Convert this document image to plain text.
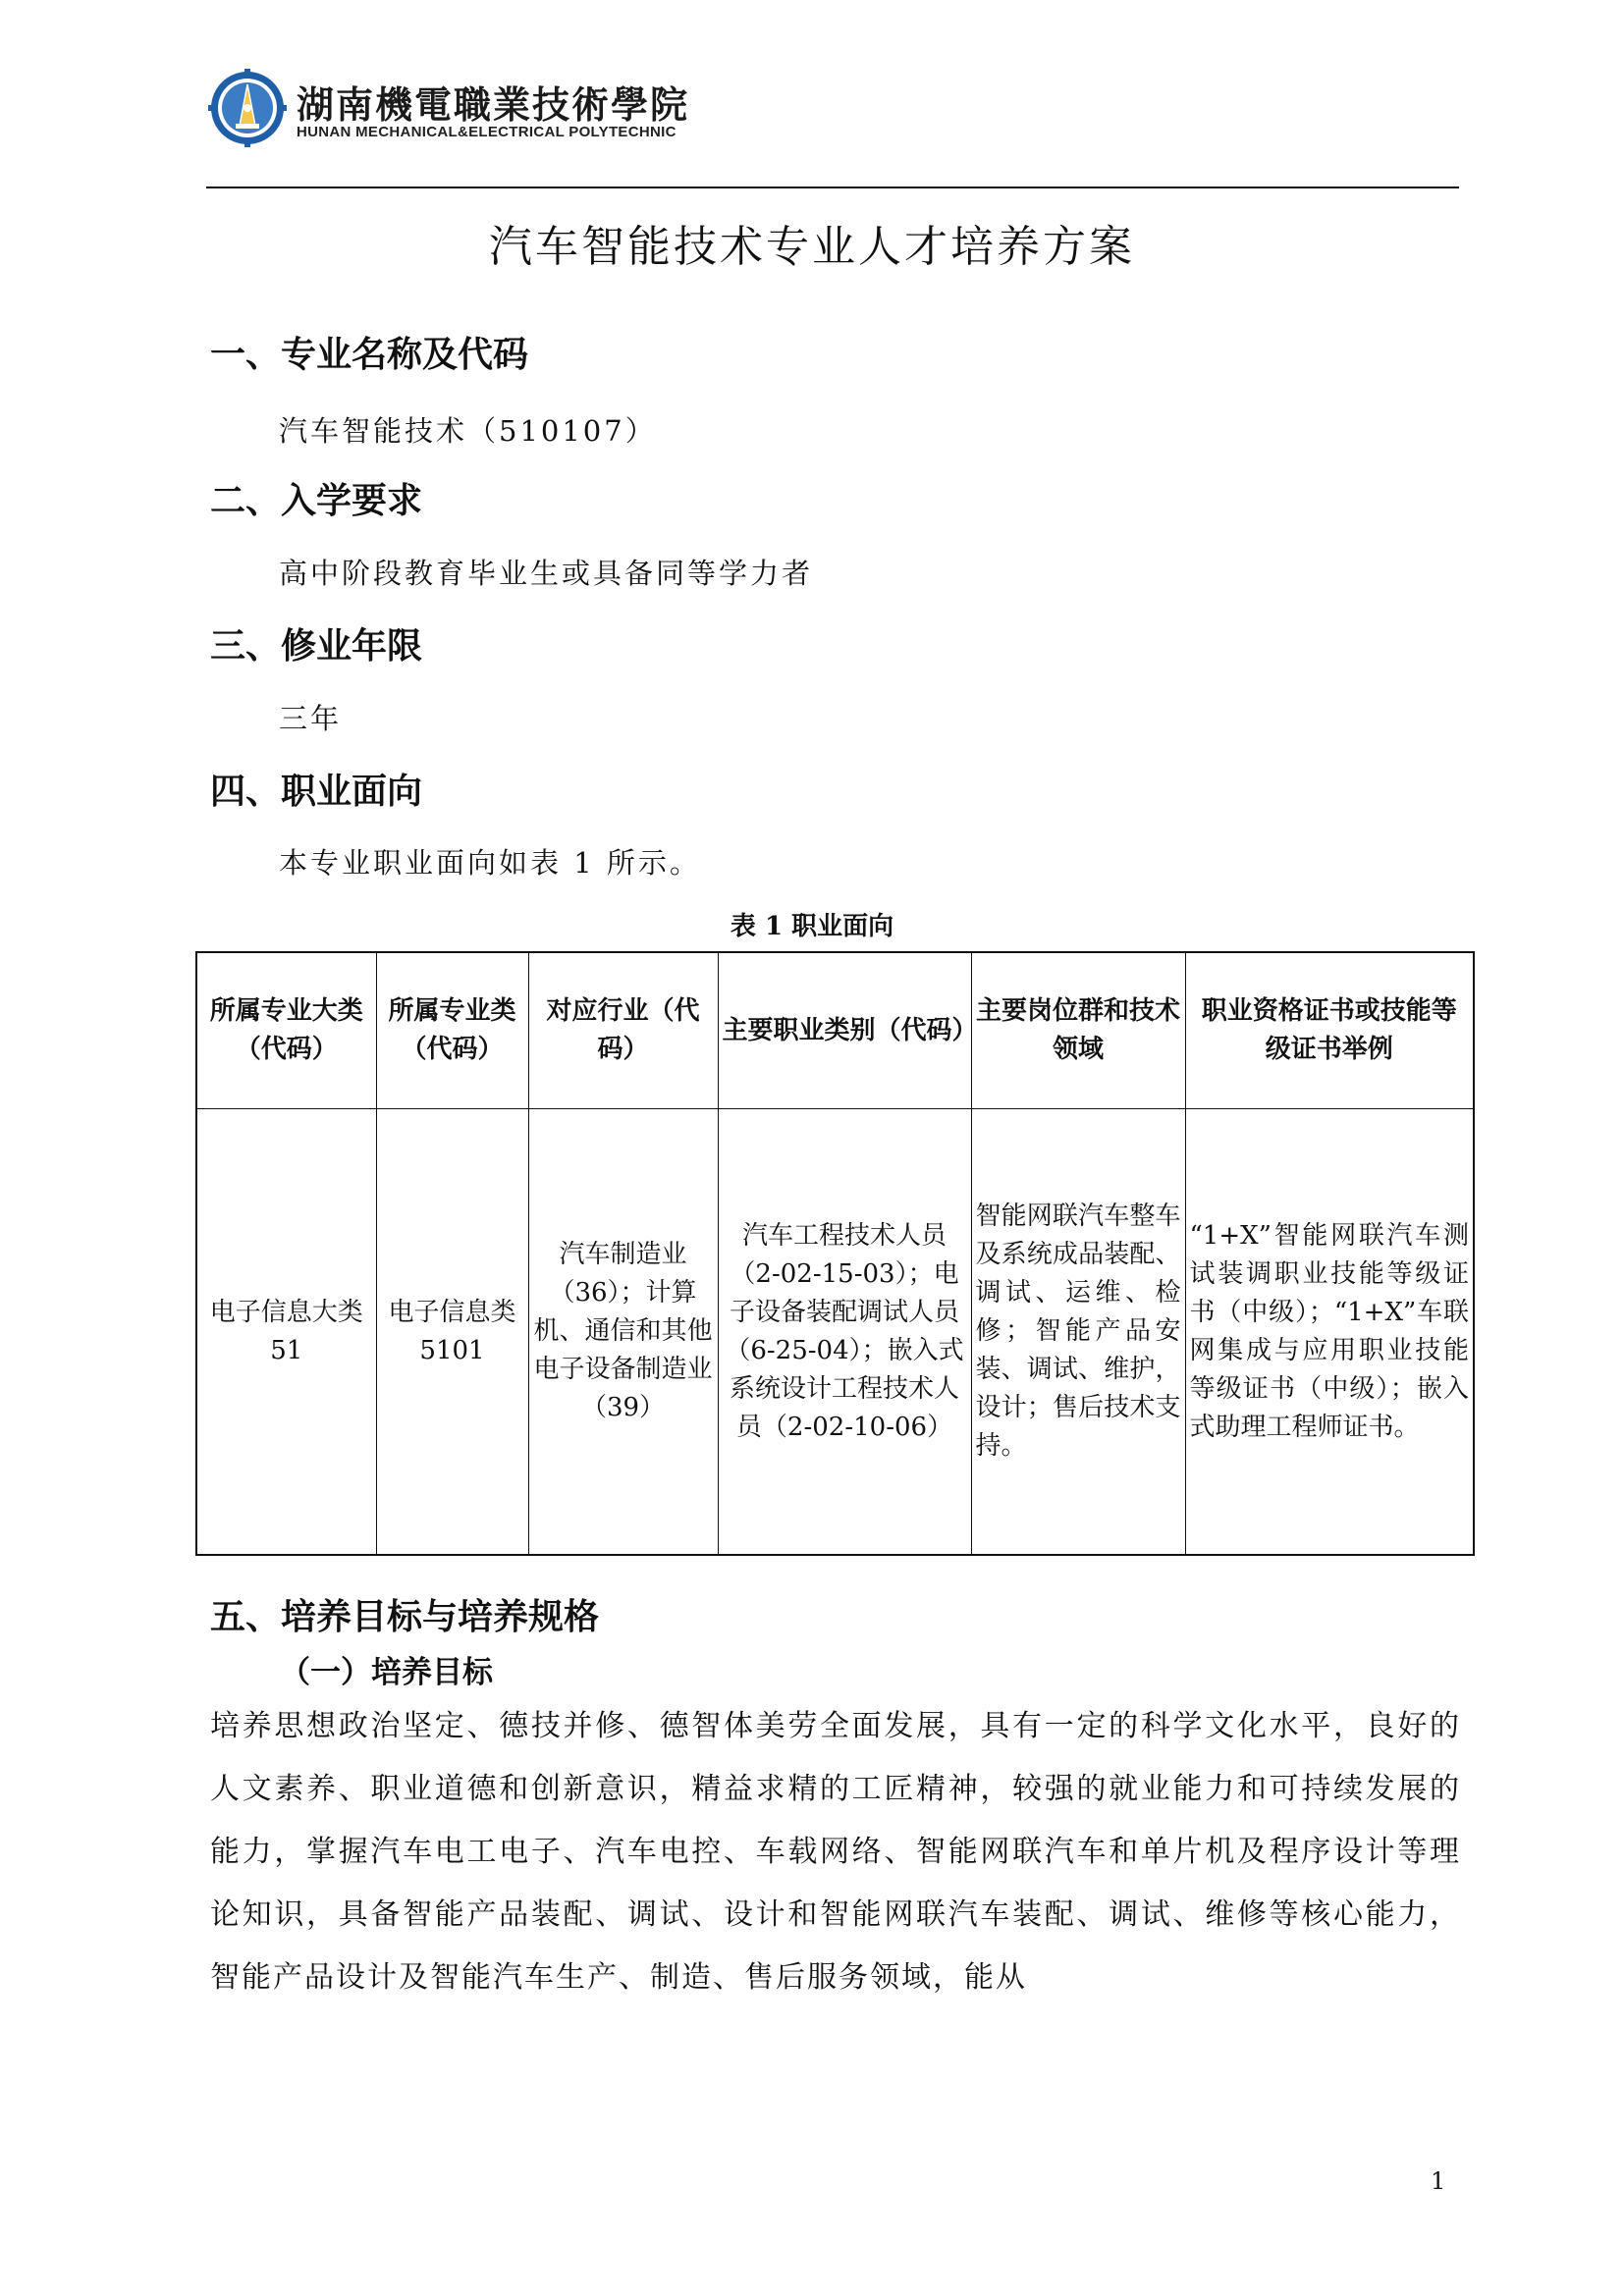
湖南機電職業技術學院
HUNAN MECHANICAL&ELECTRICAL POLYTECHNIC
汽车智能技术专业人才培养方案
一、专业名称及代码
汽车智能技术（510107）
二、入学要求
高中阶段教育毕业生或具备同等学力者
三、修业年限
三年
四、职业面向
本专业职业面向如表 1 所示。
表 1 职业面向
所属专业大类（代码）	所属专业类（代码）	对应行业（代码）	主要职业类别（代码）	主要岗位群和技术领域	职业资格证书或技能等级证书举例
电子信息大类51	电子信息类5101	汽车制造业（36）；计算机、通信和其他电子设备制造业（39）	汽车工程技术人员（2-02-15-03）；电子设备装配调试人员（6-25-04）；嵌入式系统设计工程技术人员（2-02-10-06）	智能网联汽车整车及系统成品装配、调试、运维、检修；智能产品安装、调试、维护，设计；售后技术支持。	“1+X”智能网联汽车测试装调职业技能等级证书（中级）；“1+X”车联网集成与应用职业技能等级证书（中级）；嵌入式助理工程师证书。
五、培养目标与培养规格
（一）培养目标
培养思想政治坚定、德技并修、德智体美劳全面发展，具有一定的科学文化水平，良好的人文素养、职业道德和创新意识，精益求精的工匠精神，较强的就业能力和可持续发展的能力，掌握汽车电工电子、汽车电控、车载网络、智能网联汽车和单片机及程序设计等理论知识，具备智能产品装配、调试、设计和智能网联汽车装配、调试、维修等核心能力，智能产品设计及智能汽车生产、制造、售后服务领域，能从
1
